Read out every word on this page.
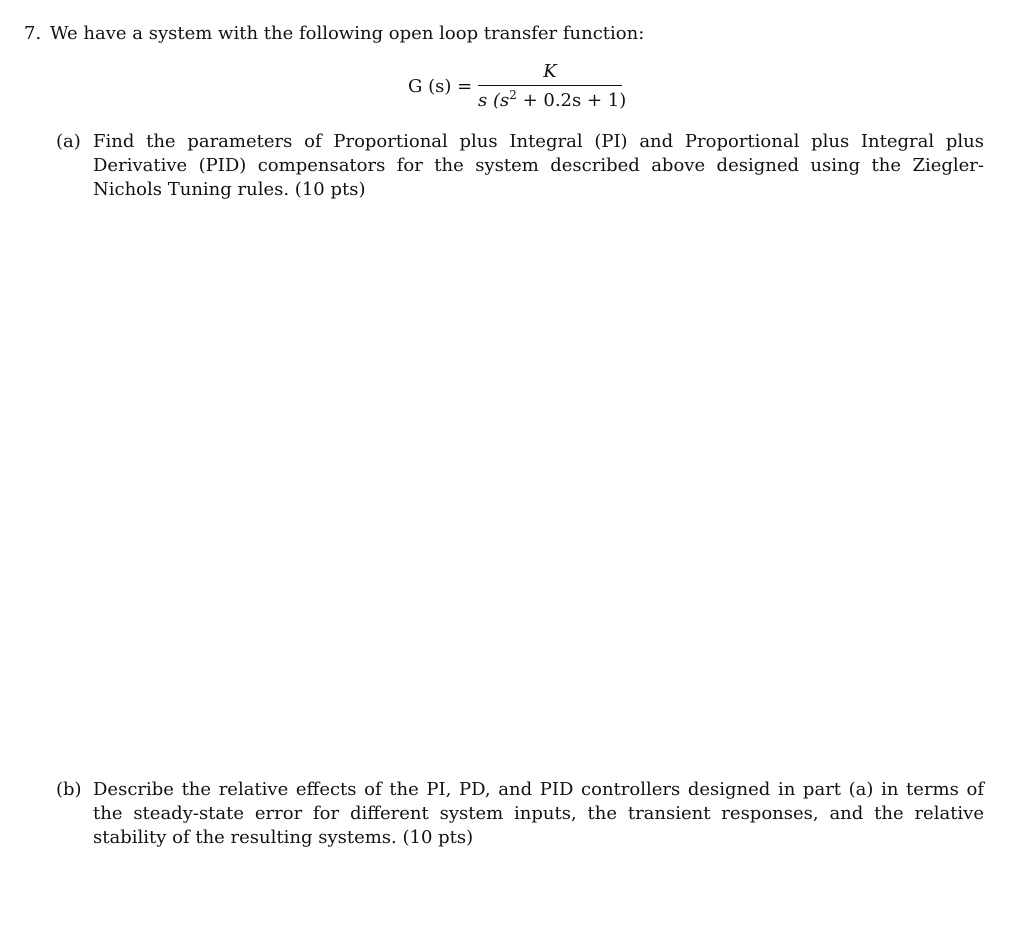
7. We have a system with the following open loop transfer function:
G (s) =
K
s $(s^2 + 0.2s + 1)$
(a) Find the parameters of Proportional plus Integral (PI) and Proportional plus Integral plus Derivative (PID) compensators for the system described above designed using the Ziegler-Nichols Tuning rules. (10 pts)
(b) Describe the relative effects of the PI, PD, and PID controllers designed in part (a) in terms of the steady-state error for different system inputs, the transient responses, and the relative stability of the resulting systems. (10 pts)
